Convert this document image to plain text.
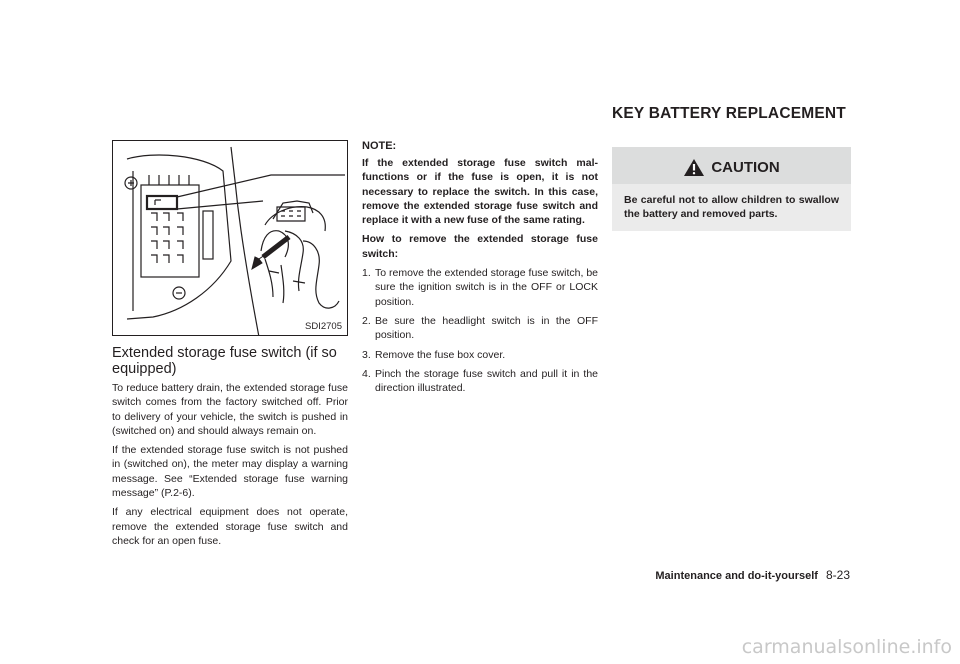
SDI2705
Extended storage fuse switch (if so equipped)

To reduce battery drain, the extended storage fuse switch comes from the factory switched off. Prior to delivery of your vehicle, the switch is pushed in (switched on) and should always remain on.

If the extended storage fuse switch is not pushed in (switched on), the meter may display a warning message. See “Extended storage fuse warning message” (P.2-6).

If any electrical equipment does not operate, remove the extended storage fuse switch and check for an open fuse.

NOTE:

If the extended storage fuse switch mal-functions or if the fuse is open, it is not necessary to replace the switch. In this case, remove the extended storage fuse switch and replace it with a new fuse of the same rating.

How to remove the extended storage fuse switch:

1. To remove the extended storage fuse switch, be sure the ignition switch is in the OFF or LOCK position.
2. Be sure the headlight switch is in the OFF position.
3. Remove the fuse box cover.
4. Pinch the storage fuse switch and pull it in the direction illustrated.
KEY BATTERY REPLACEMENT
CAUTION
Be careful not to allow children to swallow the battery and removed parts.
Maintenance and do-it-yourself 8-23
carmanualsonline.info
